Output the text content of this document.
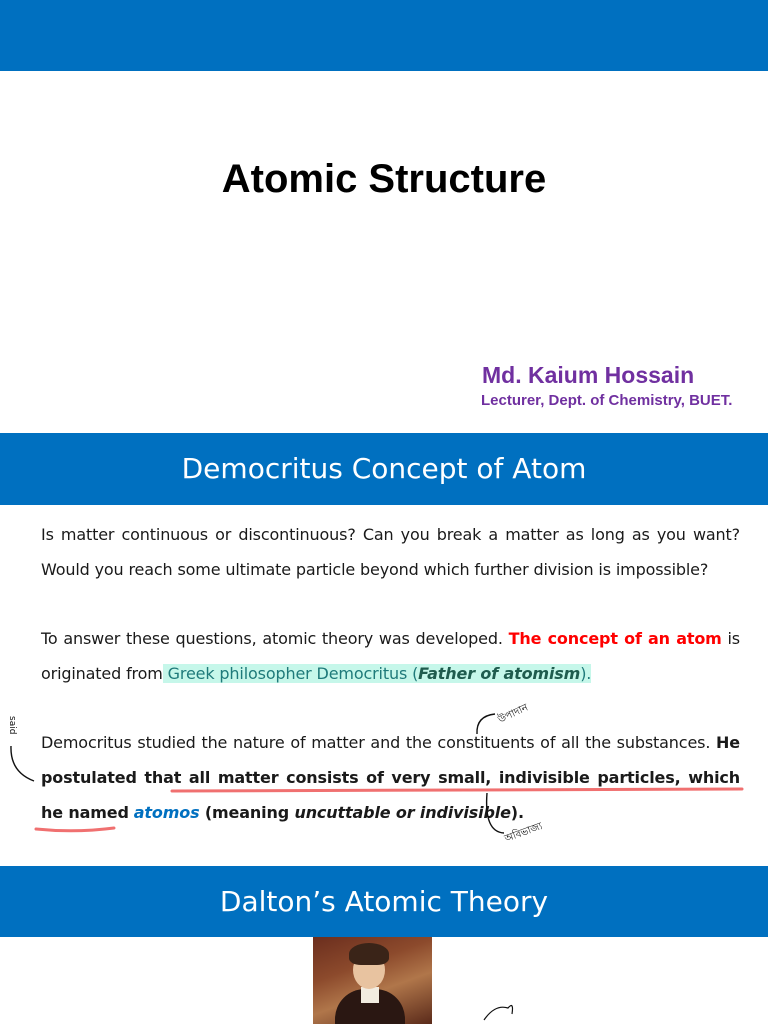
Atomic Structure
Md. Kaium Hossain
Lecturer, Dept. of Chemistry, BUET.
Democritus Concept of Atom
Is matter continuous or discontinuous? Can you break a matter as long as you want? Would you reach some ultimate particle beyond which further division is impossible?
To answer these questions, atomic theory was developed. The concept of an atom is originated from Greek philosopher Democritus (Father of atomism).
Democritus studied the nature of matter and the constituents of all the substances. He postulated that all matter consists of very small, indivisible particles, which he named atomos (meaning uncuttable or indivisible).
উপাদান
অবিভাজ্য
said
Dalton’s Atomic Theory
